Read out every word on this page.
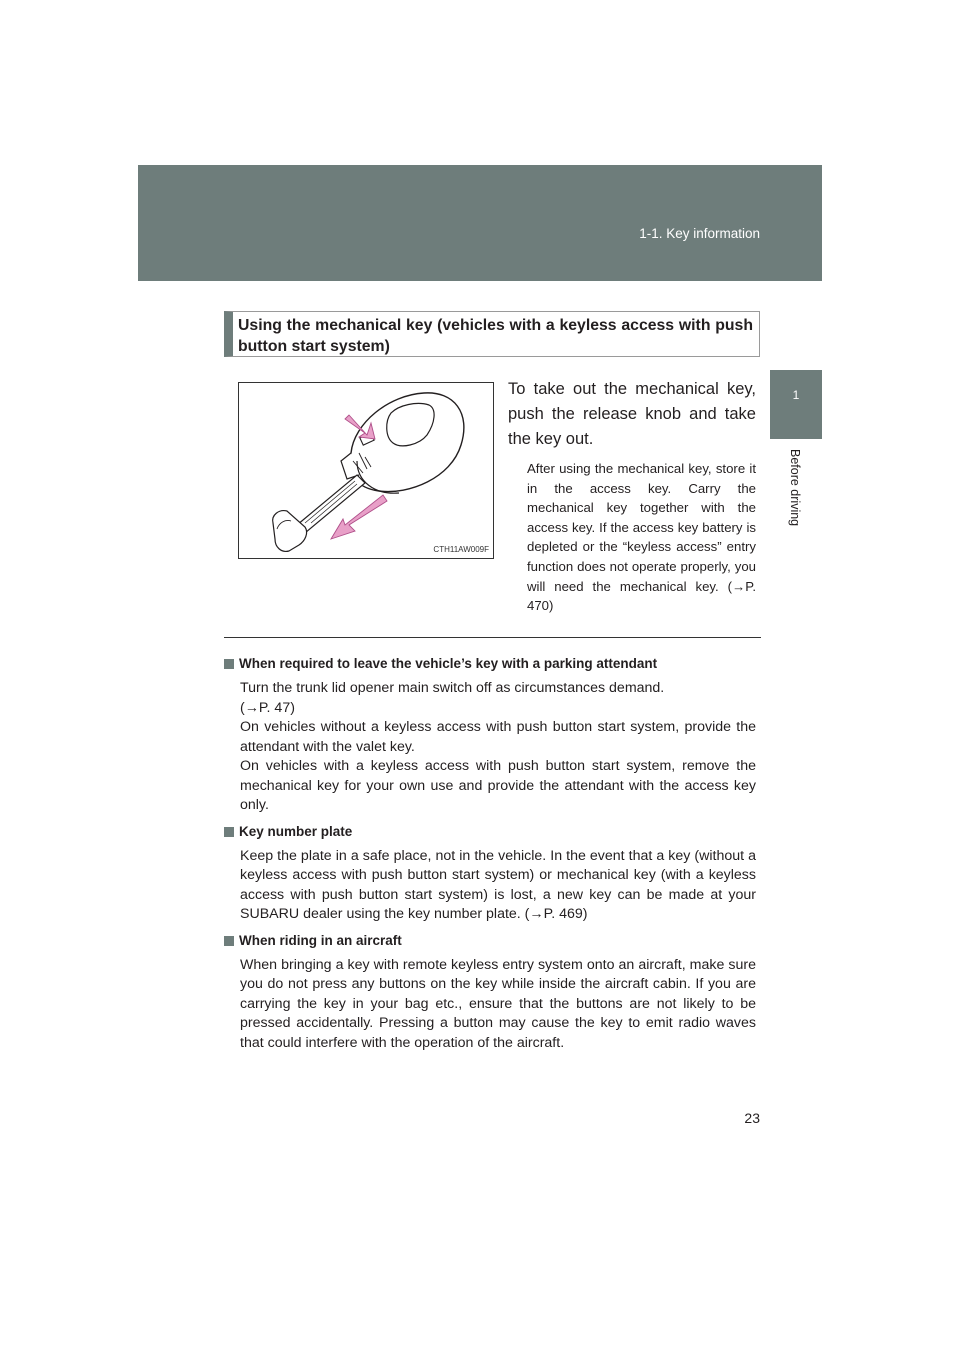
1-1. Key information
1
Before driving
Using the mechanical key (vehicles with a keyless access with push button start system)
CTH11AW009F
To take out the mechanical key, push the release knob and take the key out.
After using the mechanical key, store it in the access key. Carry the mechanical key together with the access key. If the access key battery is depleted or the “keyless access” entry function does not operate properly, you will need the mechanical key. (→P. 470)
When required to leave the vehicle’s key with a parking attendant

Turn the trunk lid opener main switch off as circumstances demand.

(→P. 47)

On vehicles without a keyless access with push button start system, provide the attendant with the valet key.

On vehicles with a keyless access with push button start system, remove the mechanical key for your own use and provide the attendant with the access key only.

Key number plate

Keep the plate in a safe place, not in the vehicle. In the event that a key (without a keyless access with push button start system) or mechanical key (with a keyless access with push button start system) is lost, a new key can be made at your SUBARU dealer using the key number plate. (→P. 469)

When riding in an aircraft

When bringing a key with remote keyless entry system onto an aircraft, make sure you do not press any buttons on the key while inside the aircraft cabin. If you are carrying the key in your bag etc., ensure that the buttons are not likely to be pressed accidentally. Pressing a button may cause the key to emit radio waves that could interfere with the operation of the aircraft.

23
